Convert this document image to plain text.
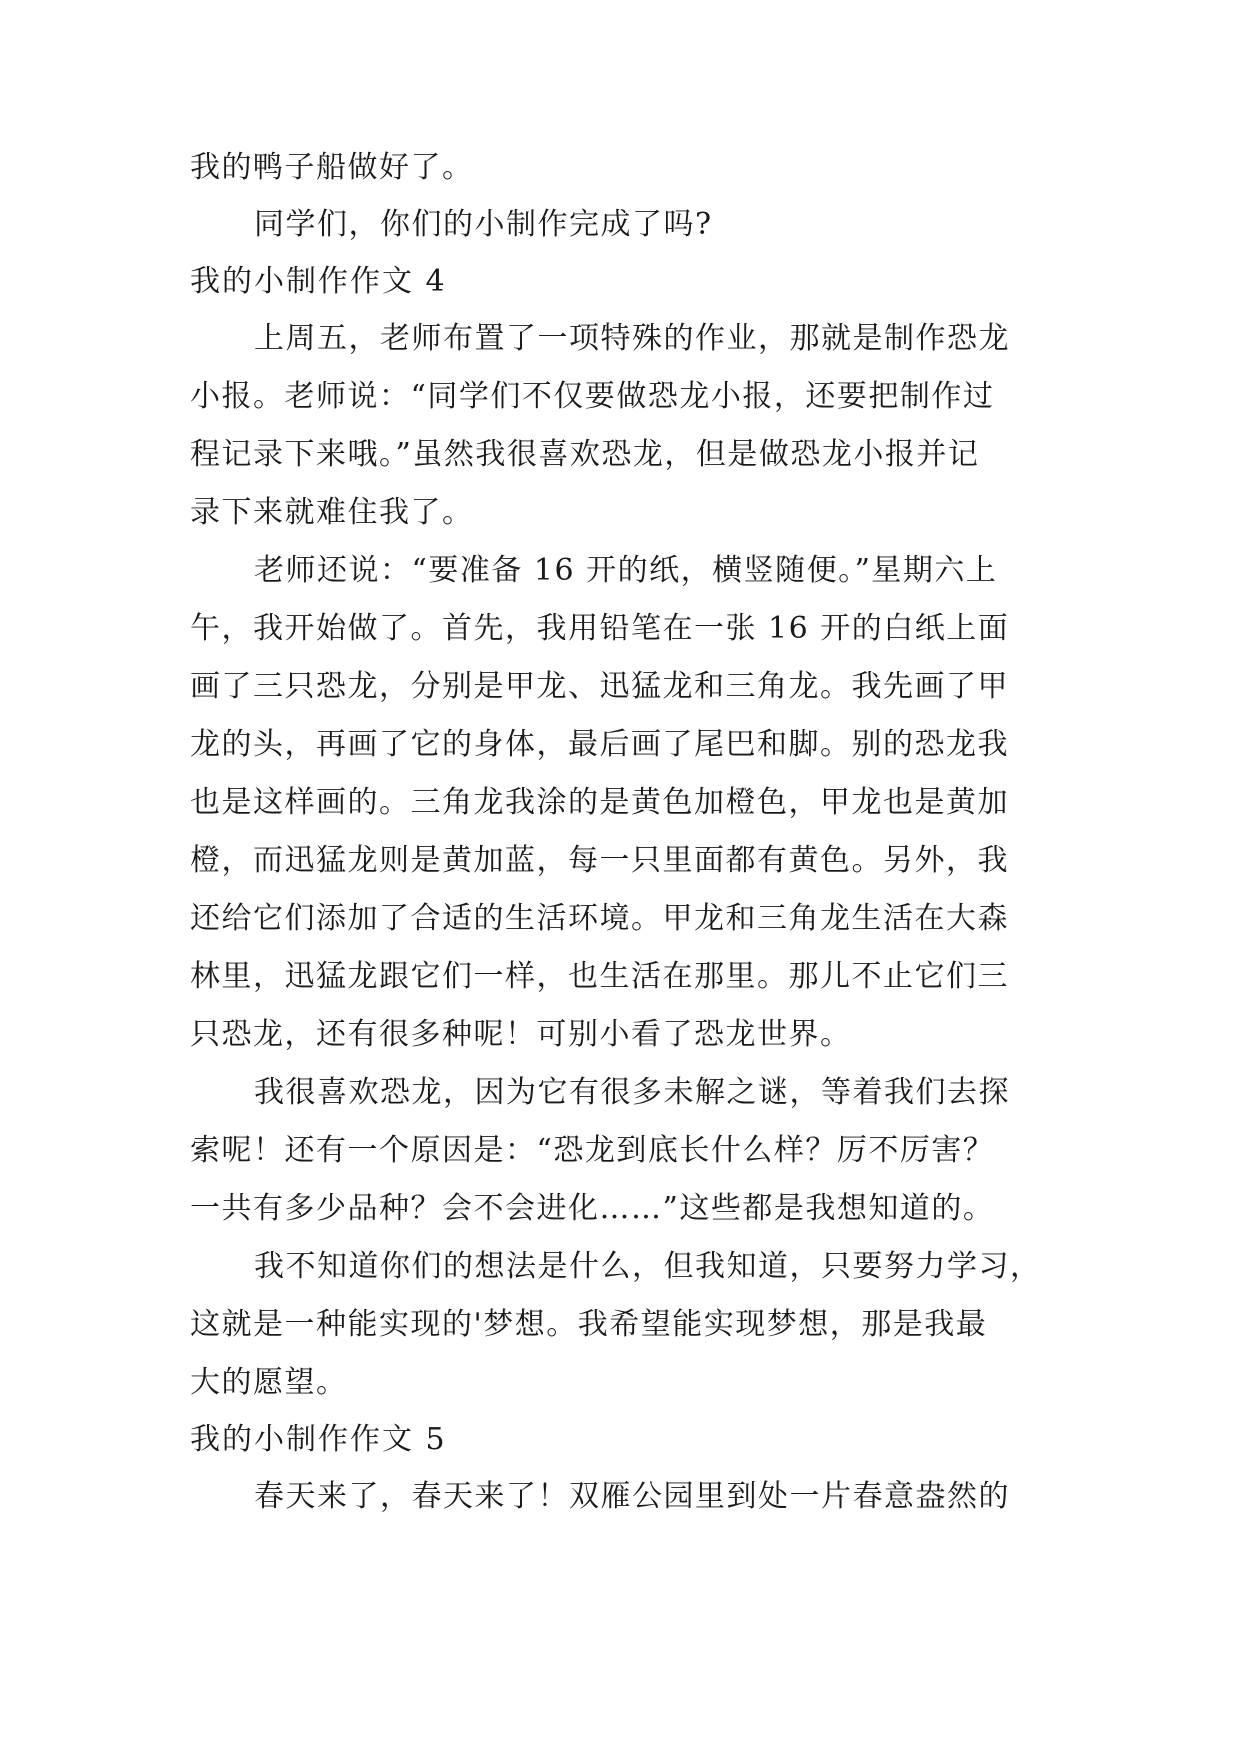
我的鸭子船做好了。
同学们，你们的小制作完成了吗?
我的小制作作文 4
上周五，老师布置了一项特殊的作业，那就是制作恐龙
小报。老师说：“同学们不仅要做恐龙小报，还要把制作过
程记录下来哦。”虽然我很喜欢恐龙，但是做恐龙小报并记
录下来就难住我了。
老师还说：“要准备 16 开的纸，横竖随便。”星期六上
午，我开始做了。首先，我用铅笔在一张 16 开的白纸上面
画了三只恐龙，分别是甲龙、迅猛龙和三角龙。我先画了甲
龙的头，再画了它的身体，最后画了尾巴和脚。别的恐龙我
也是这样画的。三角龙我涂的是黄色加橙色，甲龙也是黄加
橙，而迅猛龙则是黄加蓝，每一只里面都有黄色。另外，我
还给它们添加了合适的生活环境。甲龙和三角龙生活在大森
林里，迅猛龙跟它们一样，也生活在那里。那儿不止它们三
只恐龙，还有很多种呢！可别小看了恐龙世界。
我很喜欢恐龙，因为它有很多未解之谜，等着我们去探
索呢！还有一个原因是：“恐龙到底长什么样？厉不厉害？
一共有多少品种？会不会进化……”这些都是我想知道的。
我不知道你们的想法是什么，但我知道，只要努力学习，
这就是一种能实现的'梦想。我希望能实现梦想，那是我最
大的愿望。
我的小制作作文 5
春天来了，春天来了！双雁公园里到处一片春意盎然的
